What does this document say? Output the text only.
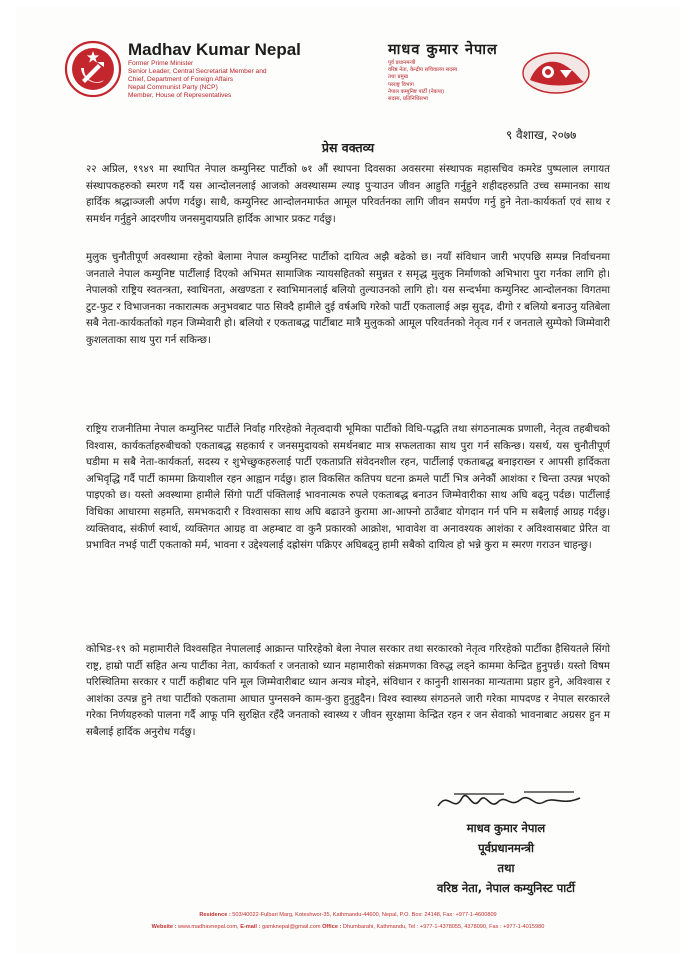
Madhav Kumar Nepal
Former Prime Minister
Senior Leader, Central Secretariat Member and
Chief, Department of Foreign Affairs
Nepal Communist Party (NCP)
Member, House of Representatives
माधव कुमार नेपाल
पूर्व प्रधानमन्त्री
वरिष्ठ नेता, केन्द्रीय सचिवालय सदस्य
तथा प्रमुख
परराष्ट्र विभाग
नेपाल कम्युनिष्ट पार्टी (नेकपा)
सदस्य, प्रतिनिधिसभा
९ वैशाख, २०७७
प्रेस वक्तव्य

२२ अप्रिल, १९४९ मा स्थापित नेपाल कम्युनिस्ट पार्टीको ७१ औं स्थापना दिवसका अवसरमा संस्थापक महासचिव कमरेड पुष्पलाल लगायत संस्थापकहरुको स्मरण गर्दै यस आन्दोलनलाई आजको अवस्थासम्म ल्याइ पुऱ्याउन जीवन आहुति गर्नुहुने शहीदहरुप्रति उच्च सम्मानका साथ हार्दिक श्रद्धाञ्जली अर्पण गर्दछु। साथै, कम्युनिस्ट आन्दोलनमार्फत आमूल परिवर्तनका लागि जीवन समर्पण गर्नु हुने नेता-कार्यकर्ता एवं साथ र समर्थन गर्नुहुने आदरणीय जनसमुदायप्रति हार्दिक आभार प्रकट गर्दछु।

मुलुक चुनौतीपूर्ण अवस्थामा रहेको बेलामा नेपाल कम्युनिस्ट पार्टीको दायित्व अझै बढेको छ। नयाँ संविधान जारी भएपछि सम्पन्न निर्वाचनमा जनताले नेपाल कम्युनिष्ट पार्टीलाई दिएको अभिमत सामाजिक न्यायसहितको समुन्नत र समृद्ध मुलुक निर्माणको अभिभारा पुरा गर्नका लागि हो। नेपालको राष्ट्रिय स्वतन्त्रता, स्वाधिनता, अखण्डता र स्वाभिमानलाई बलियो तुल्याउनको लागि हो। यस सन्दर्भमा कम्युनिस्ट आन्दोलनका विगतमा टुट-फुट र विभाजनका नकारात्मक अनुभवबाट पाठ सिक्दै हामीले दुई वर्षअघि गरेको पार्टी एकतालाई अझ सुदृढ, दीगो र बलियो बनाउनु यतिबेला सबै नेता-कार्यकर्ताको गहन जिम्मेवारी हो। बलियो र एकताबद्ध पार्टीबाट मात्रै मुलुकको आमूल परिवर्तनको नेतृत्व गर्न र जनताले सुम्पेको जिम्मेवारी कुशलताका साथ पुरा गर्न सकिन्छ।

राष्ट्रिय राजनीतिमा नेपाल कम्युनिस्ट पार्टीले निर्वाह गरिरहेको नेतृत्वदायी भूमिका पार्टीको विधि-पद्धति तथा संगठनात्मक प्रणाली, नेतृत्व तहबीचको विश्वास, कार्यकर्ताहरुबीचको एकताबद्ध सहकार्य र जनसमुदायको समर्थनबाट मात्र सफलताका साथ पुरा गर्न सकिन्छ। यसर्थ, यस चुनौतीपूर्ण घडीमा म सबै नेता-कार्यकर्ता, सदस्य र शुभेच्छुकहरुलाई पार्टी एकताप्रति संवेदनशील रहन, पार्टीलाई एकताबद्ध बनाइराख्न र आपसी हार्दिकता अभिवृद्धि गर्दै पार्टी काममा क्रियाशील रहन आह्वान गर्दछु। हाल विकसित कतिपय घटना क्रमले पार्टी भित्र अनेकौं आशंका र चिन्ता उत्पन्न भएको पाइएको छ। यस्तो अवस्थामा हामीले सिंगो पार्टी पंक्तिलाई भावनात्मक रुपले एकताबद्ध बनाउन जिम्मेवारीका साथ अघि बढ्नु पर्दछ। पार्टीलाई विधिका आधारमा सहमति, समभकदारी र विश्वासका साथ अघि बढाउने कुरामा आ-आफ्नो ठाउँबाट योगदान गर्न पनि म सबैलाई आग्रह गर्दछु। व्यक्तिवाद, संकीर्ण स्वार्थ, व्यक्तिगत आग्रह वा अहम्बाट वा कुनै प्रकारको आक्रोश, भावावेश वा अनावश्यक आशंका र अविश्वासबाट प्रेरित वा प्रभावित नभई पार्टी एकताको मर्म, भावना र उद्देश्यलाई दह्रोसंग पक्रिएर अघिबढ्नु हामी सबैको दायित्व हो भन्ने कुरा म स्मरण गराउन चाहन्छु।

कोभिड-१९ को महामारीले विश्वसहित नेपाललाई आक्रान्त पारिरहेको बेला नेपाल सरकार तथा सरकारको नेतृत्व गरिरहेको पार्टीका हैसियतले सिंगो राष्ट्र, हाम्रो पार्टी सहित अन्य पार्टीका नेता, कार्यकर्ता र जनताको ध्यान महामारीको संक्रमणका विरुद्ध लड्ने काममा केन्द्रित हुनुपर्छ। यस्तो विषम परिस्थितिमा सरकार र पार्टी कहीबाट पनि मूल जिम्मेवारीबाट ध्यान अन्यत्र मोड्ने, संविधान र कानुनी शासनका मान्यतामा प्रहार हुने, अविश्वास र आशंका उत्पन्न हुने तथा पार्टीको एकतामा आघात पुग्नसक्ने काम-कुरा हुनुहुदैन। विश्व स्वास्थ्य संगठनले जारी गरेका मापदण्ड र नेपाल सरकारले गरेका निर्णयहरुको पालना गर्दै आफू पनि सुरक्षित रहँदै जनताको स्वास्थ्य र जीवन सुरक्षामा केन्द्रित रहन र जन सेवाको भावनाबाट अग्रसर हुन म सबैलाई हार्दिक अनुरोध गर्दछु।

माधव कुमार नेपाल
पूर्वप्रधानमन्त्री
तथा
वरिष्ठ नेता, नेपाल कम्युनिस्ट पार्टी
Residence : 503/40022-Fulbari Marg, Koteshwor-35, Kathmandu-44600, Nepal, P.O. Box: 24148, Fax: +977-1-4600809
Website : www.madhavnepal.com, E-mail : gamknepal@gmail.com Office : Dhumbarahi, Kathmandu, Tel : +977-1-4378055, 4378090, Fax : +977-1-4015980
